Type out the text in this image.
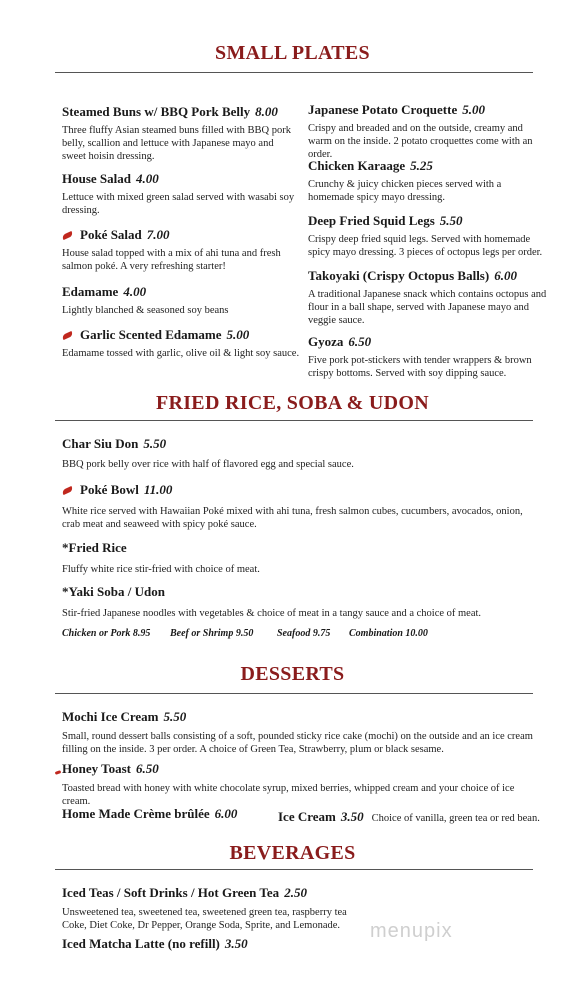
SMALL PLATES
Steamed Buns w/ BBQ Pork Belly 8.00
Three fluffy Asian steamed buns filled with BBQ pork belly, scallion and lettuce with Japanese mayo and sweet hoisin dressing.
House Salad 4.00
Lettuce with mixed green salad served with wasabi soy dressing.
Poké Salad 7.00
House salad topped with a mix of ahi tuna and fresh salmon poké. A very refreshing starter!
Edamame 4.00
Lightly blanched & seasoned soy beans
Garlic Scented Edamame 5.00
Edamame tossed with garlic, olive oil & light soy sauce.
Japanese Potato Croquette 5.00
Crispy and breaded and on the outside, creamy and warm on the inside. 2 potato croquettes come with an order.
Chicken Karaage 5.25
Crunchy & juicy chicken pieces served with a homemade spicy mayo dressing.
Deep Fried Squid Legs 5.50
Crispy deep fried squid legs. Served with homemade spicy mayo dressing. 3 pieces of octopus legs per order.
Takoyaki (Crispy Octopus Balls) 6.00
A traditional Japanese snack which contains octopus and flour in a ball shape, served with Japanese mayo and veggie sauce.
Gyoza 6.50
Five pork pot-stickers with tender wrappers & brown crispy bottoms. Served with soy dipping sauce.
FRIED RICE, SOBA & UDON
Char Siu Don 5.50
BBQ pork belly over rice with half of flavored egg and special sauce.
Poké Bowl 11.00
White rice served with Hawaiian Poké mixed with ahi tuna, fresh salmon cubes, cucumbers, avocados, onion, crab meat and seaweed with spicy poké sauce.
*Fried Rice
Fluffy white rice stir-fried with choice of meat.
*Yaki Soba / Udon
Stir-fried Japanese noodles with vegetables & choice of meat in a tangy sauce and a choice of meat.
Chicken or Pork 8.95 Beef or Shrimp 9.50 Seafood 9.75 Combination 10.00
DESSERTS
Mochi Ice Cream 5.50
Small, round dessert balls consisting of a soft, pounded sticky rice cake (mochi) on the outside and an ice cream filling on the inside. 3 per order. A choice of Green Tea, Strawberry, plum or black sesame.
Honey Toast 6.50
Toasted bread with honey with white chocolate syrup, mixed berries, whipped cream and your choice of ice cream.
Home Made Crème brûlée 6.00	Ice Cream 3.50 Choice of vanilla, green tea or red bean.
BEVERAGES
Iced Teas / Soft Drinks / Hot Green Tea 2.50
Unsweetened tea, sweetened tea, sweetened green tea, raspberry tea Coke, Diet Coke, Dr Pepper, Orange Soda, Sprite, and Lemonade.
Iced Matcha Latte (no refill) 3.50
menupix
